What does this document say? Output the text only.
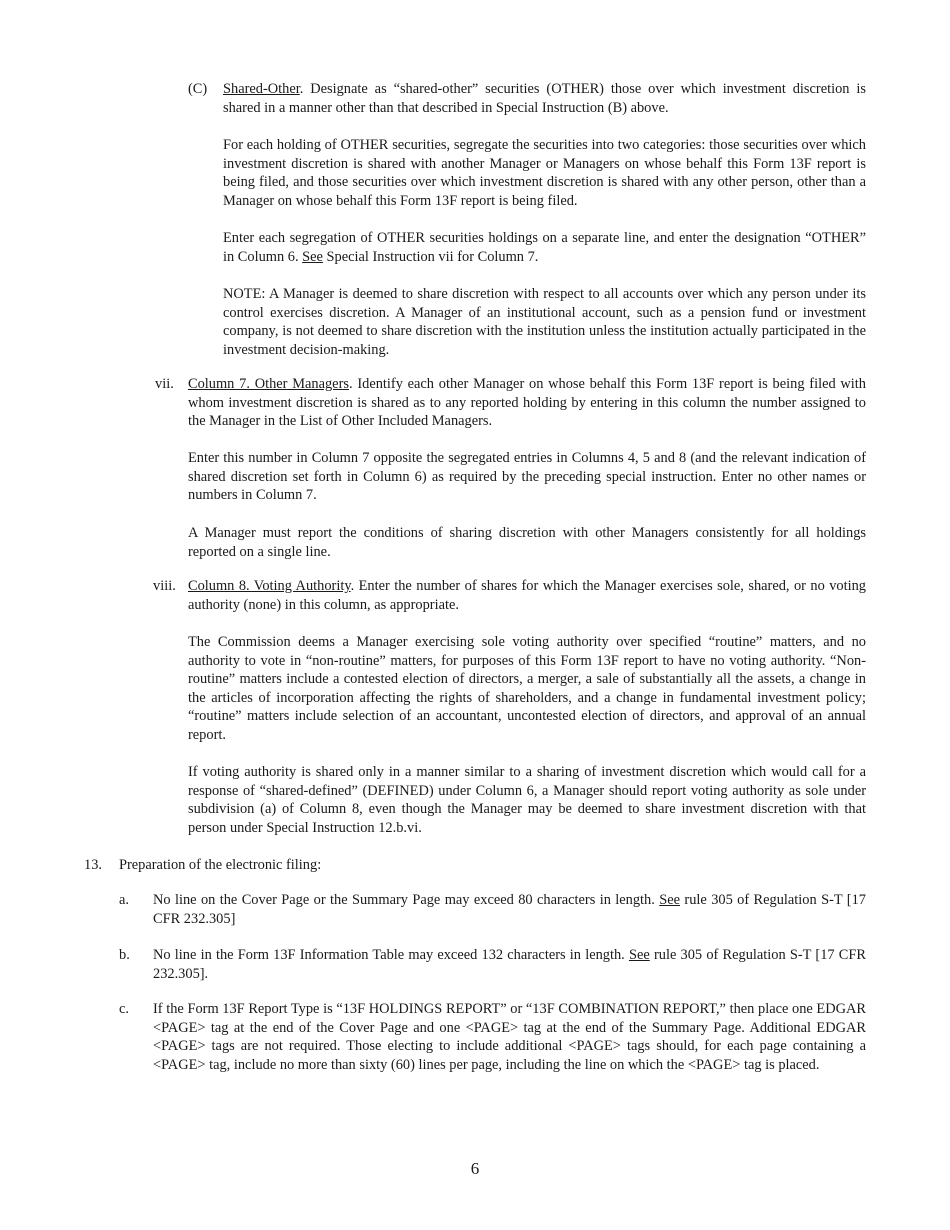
(C) Shared-Other. Designate as “shared-other” securities (OTHER) those over which investment discretion is shared in a manner other than that described in Special Instruction (B) above.

For each holding of OTHER securities, segregate the securities into two categories: those securities over which investment discretion is shared with another Manager or Managers on whose behalf this Form 13F report is being filed, and those securities over which investment discretion is shared with any other person, other than a Manager on whose behalf this Form 13F report is being filed.

Enter each segregation of OTHER securities holdings on a separate line, and enter the designation “OTHER” in Column 6. See Special Instruction vii for Column 7.

NOTE: A Manager is deemed to share discretion with respect to all accounts over which any person under its control exercises discretion. A Manager of an institutional account, such as a pension fund or investment company, is not deemed to share discretion with the institution unless the institution actually participated in the investment decision-making.

vii. Column 7. Other Managers. Identify each other Manager on whose behalf this Form 13F report is being filed with whom investment discretion is shared as to any reported holding by entering in this column the number assigned to the Manager in the List of Other Included Managers.

Enter this number in Column 7 opposite the segregated entries in Columns 4, 5 and 8 (and the relevant indication of shared discretion set forth in Column 6) as required by the preceding special instruction. Enter no other names or numbers in Column 7.

A Manager must report the conditions of sharing discretion with other Managers consistently for all holdings reported on a single line.

viii. Column 8. Voting Authority. Enter the number of shares for which the Manager exercises sole, shared, or no voting authority (none) in this column, as appropriate.

The Commission deems a Manager exercising sole voting authority over specified “routine” matters, and no authority to vote in “non-routine” matters, for purposes of this Form 13F report to have no voting authority. “Non-routine” matters include a contested election of directors, a merger, a sale of substantially all the assets, a change in the articles of incorporation affecting the rights of shareholders, and a change in fundamental investment policy; “routine” matters include selection of an accountant, uncontested election of directors, and approval of an annual report.

If voting authority is shared only in a manner similar to a sharing of investment discretion which would call for a response of “shared-defined” (DEFINED) under Column 6, a Manager should report voting authority as sole under subdivision (a) of Column 8, even though the Manager may be deemed to share investment discretion with that person under Special Instruction 12.b.vi.

13. Preparation of the electronic filing:
a. No line on the Cover Page or the Summary Page may exceed 80 characters in length. See rule 305 of Regulation S-T [17 CFR 232.305]

b. No line in the Form 13F Information Table may exceed 132 characters in length. See rule 305 of Regulation S-T [17 CFR 232.305].

c. If the Form 13F Report Type is “13F HOLDINGS REPORT” or “13F COMBINATION REPORT,” then place one EDGAR <PAGE> tag at the end of the Cover Page and one <PAGE> tag at the end of the Summary Page. Additional EDGAR <PAGE> tags are not required. Those electing to include additional <PAGE> tags should, for each page containing a <PAGE> tag, include no more than sixty (60) lines per page, including the line on which the <PAGE> tag is placed.

6
